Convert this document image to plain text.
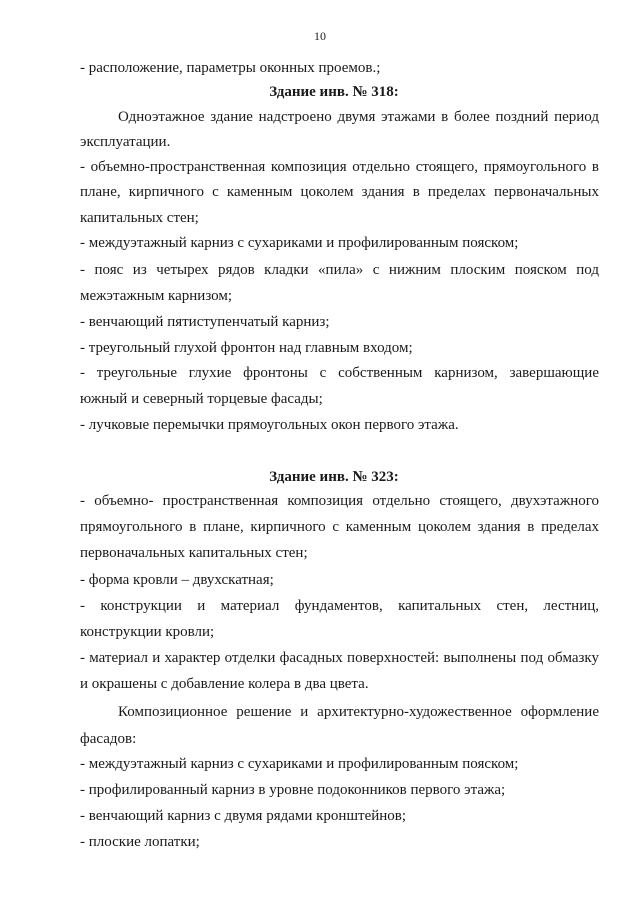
10
- расположение, параметры оконных проемов.;
Здание инв. № 318:
Одноэтажное здание надстроено двумя этажами в более поздний период
эксплуатации.
- объемно-пространственная композиция отдельно стоящего, прямоугольного в
плане, кирпичного с каменным цоколем здания в пределах первоначальных
капитальных стен;
- междуэтажный карниз с сухариками и профилированным пояском;
- пояс из четырех рядов кладки «пила» с нижним плоским пояском под
межэтажным карнизом;
- венчающий пятиступенчатый карниз;
- треугольный глухой фронтон над главным входом;
- треугольные глухие фронтоны с собственным карнизом, завершающие
южный и северный торцевые фасады;
- лучковые перемычки прямоугольных окон первого этажа.
Здание инв. № 323:
- объемно- пространственная композиция отдельно стоящего, двухэтажного
прямоугольного в плане, кирпичного с каменным цоколем здания в пределах
первоначальных капитальных стен;
- форма кровли – двухскатная;
- конструкции и материал фундаментов, капитальных стен, лестниц,
конструкции кровли;
- материал и характер отделки фасадных поверхностей: выполнены под обмазку
и окрашены с добавление колера в два цвета.
Композиционное решение и архитектурно-художественное оформление
фасадов:
- междуэтажный карниз с сухариками и профилированным пояском;
- профилированный карниз в уровне подоконников первого этажа;
- венчающий карниз с двумя рядами кронштейнов;
- плоские лопатки;
